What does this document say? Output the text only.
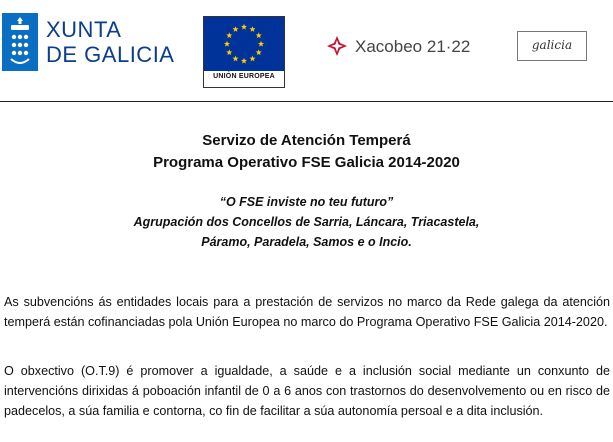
XUNTA
DE GALICIA
UNIÓN EUROPEA
Xacobeo 21·22	galicia
Servizo de Atención Temperá
Programa Operativo FSE Galicia 2014-2020
“O FSE inviste no teu futuro”
Agrupación dos Concellos de Sarria, Láncara, Triacastela,
Páramo, Paradela, Samos e o Incio.

As subvencións ás entidades locais para a prestación de servizos no marco da Rede galega da atención temperá están cofinanciadas pola Unión Europea no marco do Programa Operativo FSE Galicia 2014-2020.

O obxectivo (O.T.9) é promover a igualdade, a saúde e a inclusión social mediante un conxunto de intervencións dirixidas á poboación infantil de 0 a 6 anos con trastornos do desenvolvemento ou en risco de padecelos, a súa familia e contorna, co fin de facilitar a súa autonomía persoal e a dita inclusión.
